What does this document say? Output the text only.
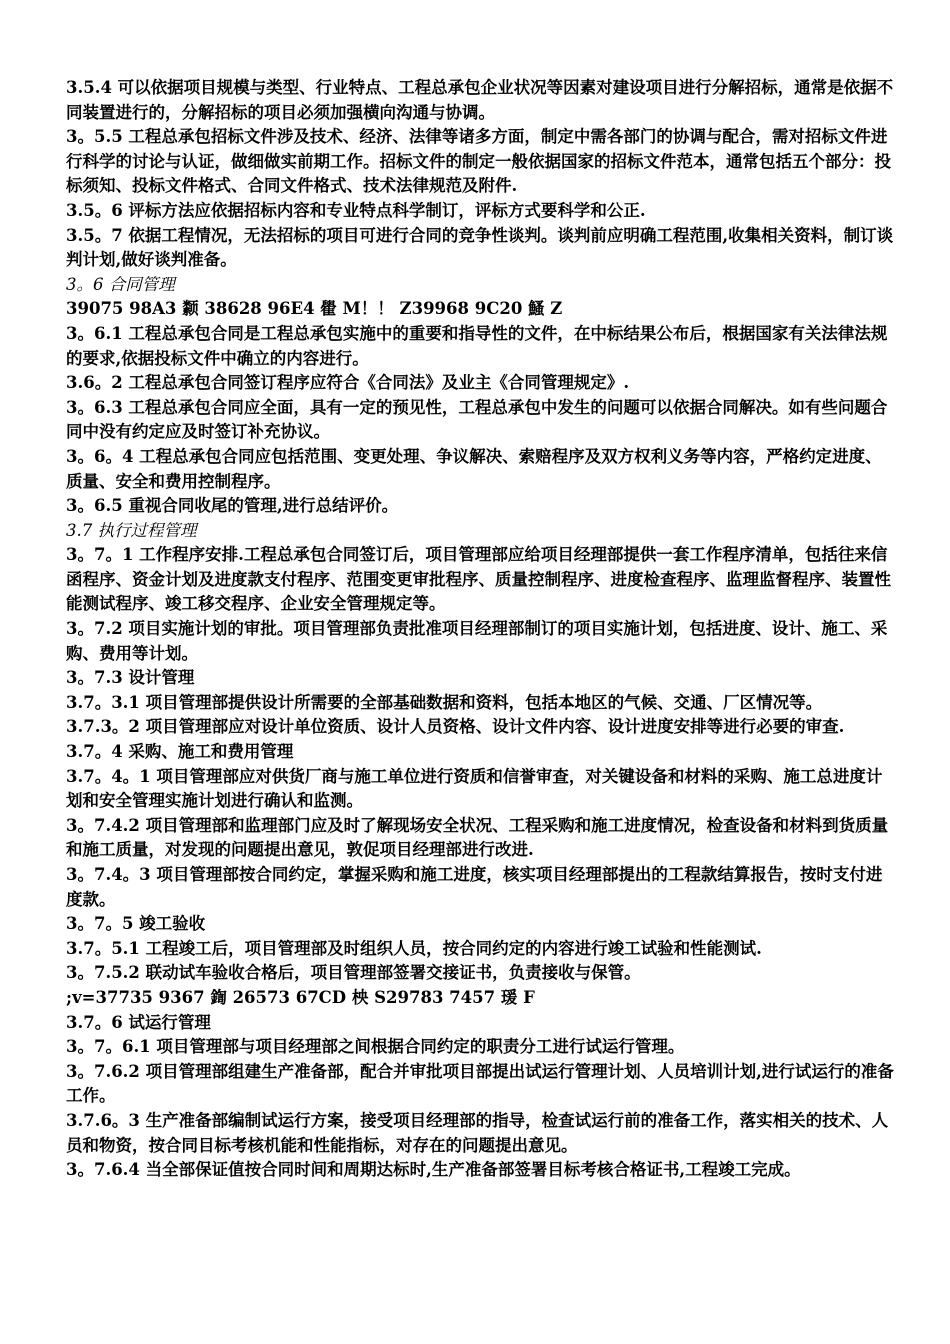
3.5.4 可以依据项目规模与类型、行业特点、工程总承包企业状况等因素对建设项目进行分解招标，通常是依据不同装置进行的，分解招标的项目必须加强横向沟通与协调。

3。5.5 工程总承包招标文件涉及技术、经济、法律等诸多方面，制定中需各部门的协调与配合，需对招标文件进行科学的讨论与认证，做细做实前期工作。招标文件的制定一般依据国家的招标文件范本，通常包括五个部分：投标须知、投标文件格式、合同文件格式、技术法律规范及附件.

3.5。6 评标方法应依据招标内容和专业特点科学制订，评标方式要科学和公正.

3.5。7 依据工程情况，无法招标的项目可进行合同的竞争性谈判。谈判前应明确工程范围,收集相关资料，制订谈判计划,做好谈判准备。

3。6 合同管理

39075 98A3 颣 38628 96E4 雤 M！！ Z39968 9C20 鰠 Z

3。6.1 工程总承包合同是工程总承包实施中的重要和指导性的文件，在中标结果公布后，根据国家有关法律法规的要求,依据投标文件中确立的内容进行。

3.6。2 工程总承包合同签订程序应符合《合同法》及业主《合同管理规定》.

3。6.3 工程总承包合同应全面，具有一定的预见性，工程总承包中发生的问题可以依据合同解决。如有些问题合同中没有约定应及时签订补充协议。

3。6。4 工程总承包合同应包括范围、变更处理、争议解决、索赔程序及双方权利义务等内容，严格约定进度、质量、安全和费用控制程序。

3。6.5 重视合同收尾的管理,进行总结评价。

3.7 执行过程管理

3。7。1 工作程序安排.工程总承包合同签订后，项目管理部应给项目经理部提供一套工作程序清单，包括往来信函程序、资金计划及进度款支付程序、范围变更审批程序、质量控制程序、进度检查程序、监理监督程序、装置性能测试程序、竣工移交程序、企业安全管理规定等。

3。7.2 项目实施计划的审批。项目管理部负责批准项目经理部制订的项目实施计划，包括进度、设计、施工、采购、费用等计划。

3。7.3 设计管理

3.7。3.1 项目管理部提供设计所需要的全部基础数据和资料，包括本地区的气候、交通、厂区情况等。

3.7.3。2 项目管理部应对设计单位资质、设计人员资格、设计文件内容、设计进度安排等进行必要的审查.

3.7。4 采购、施工和费用管理

3.7。4。1 项目管理部应对供货厂商与施工单位进行资质和信誉审查，对关键设备和材料的采购、施工总进度计划和安全管理实施计划进行确认和监测。

3。7.4.2 项目管理部和监理部门应及时了解现场安全状况、工程采购和施工进度情况，检查设备和材料到货质量和施工质量，对发现的问题提出意见，敦促项目经理部进行改进.

3。7.4。3 项目管理部按合同约定，掌握采购和施工进度，核实项目经理部提出的工程款结算报告，按时支付进度款。

3。7。5 竣工验收

3.7。5.1 工程竣工后，项目管理部及时组织人员，按合同约定的内容进行竣工试验和性能测试.

3。7.5.2 联动试车验收合格后，项目管理部签署交接证书，负责接收与保管。

;v=37735 9367 鍧 26573 67CD 柍 S29783 7457 瑗 F

3.7。6 试运行管理

3。7。6.1 项目管理部与项目经理部之间根据合同约定的职责分工进行试运行管理。

3。7.6.2 项目管理部组建生产准备部，配合并审批项目部提出试运行管理计划、人员培训计划,进行试运行的准备工作。

3.7.6。3 生产准备部编制试运行方案，接受项目经理部的指导，检查试运行前的准备工作，落实相关的技术、人员和物资，按合同目标考核机能和性能指标，对存在的问题提出意见。

3。7.6.4 当全部保证值按合同时间和周期达标时,生产准备部签署目标考核合格证书,工程竣工完成。
